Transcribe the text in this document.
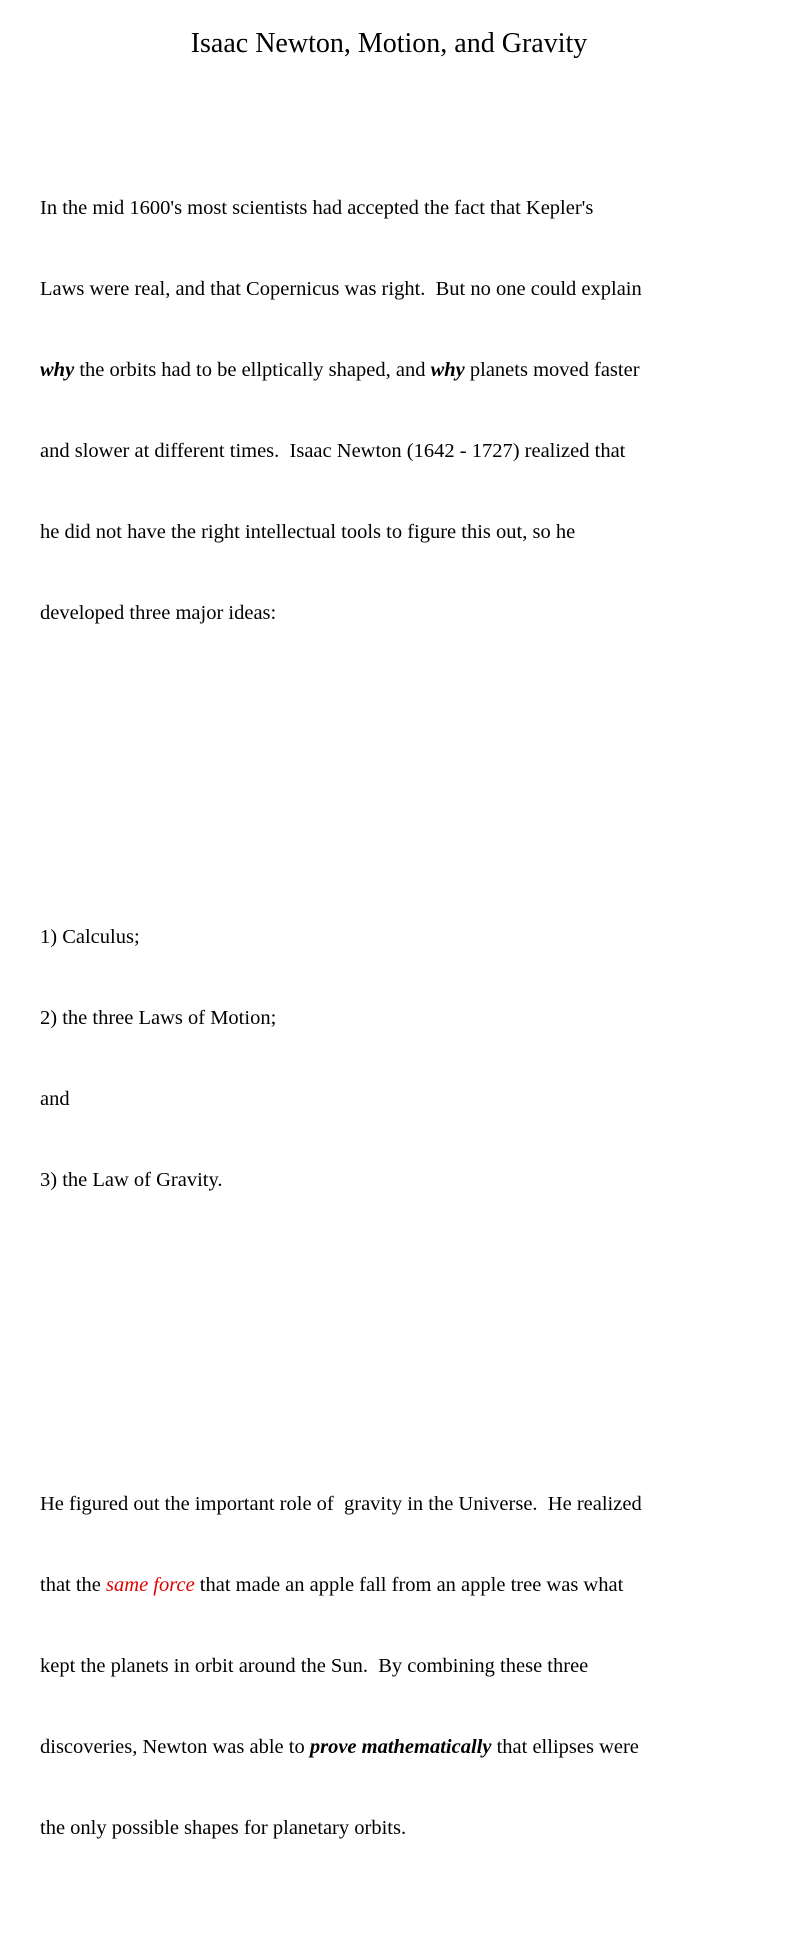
Isaac Newton, Motion, and Gravity

In the mid 1600's most scientists had accepted the fact that Kepler's

Laws were real, and that Copernicus was right.  But no one could explain

why the orbits had to be ellptically shaped, and why planets moved faster

and slower at different times.  Isaac Newton (1642 - 1727) realized that

he did not have the right intellectual tools to figure this out, so he

developed three major ideas:

1) Calculus;

2) the three Laws of Motion;

and

3) the Law of Gravity.

He figured out the important role of  gravity in the Universe.  He realized

that the same force that made an apple fall from an apple tree was what

kept the planets in orbit around the Sun.  By combining these three

discoveries, Newton was able to prove mathematically that ellipses were

the only possible shapes for planetary orbits.
